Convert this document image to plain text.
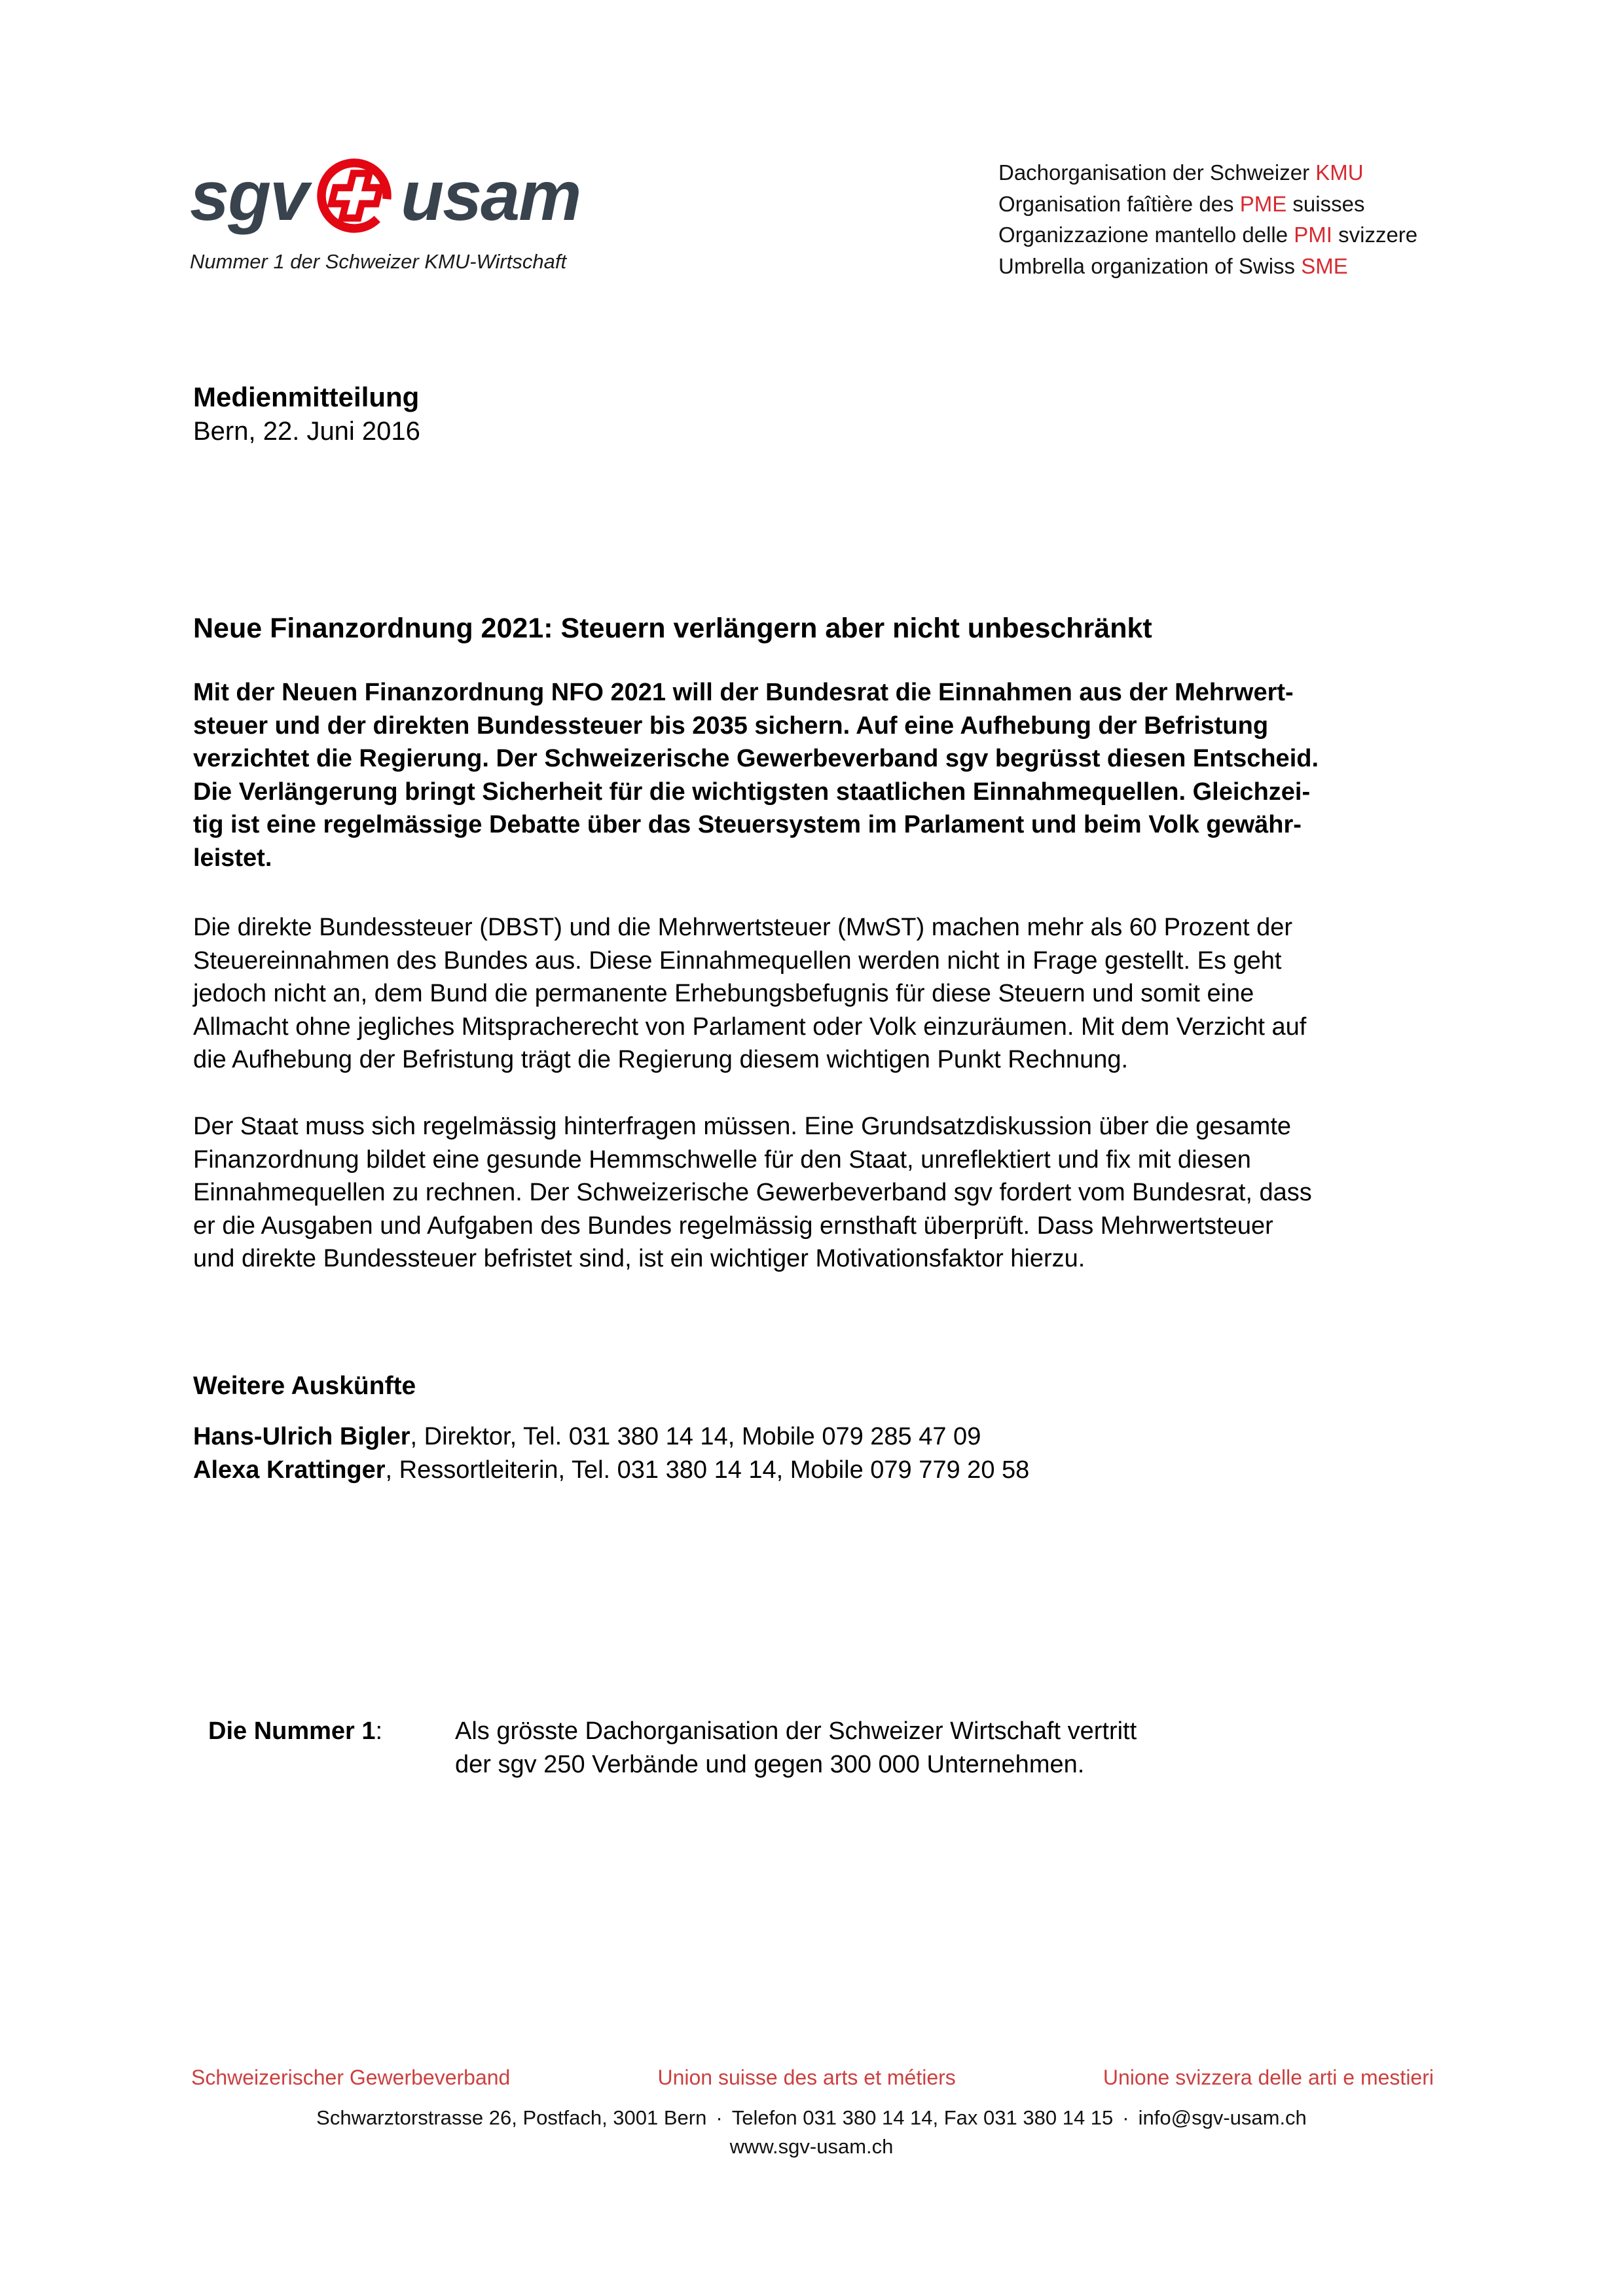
sgv usam
Nummer 1 der Schweizer KMU-Wirtschaft
Dachorganisation der Schweizer KMU
Organisation faîtière des PME suisses
Organizzazione mantello delle PMI svizzere
Umbrella organization of Swiss SME
Medienmitteilung
Bern, 22. Juni 2016
Neue Finanzordnung 2021: Steuern verlängern aber nicht unbeschränkt
Mit der Neuen Finanzordnung NFO 2021 will der Bundesrat die Einnahmen aus der Mehrwert-
steuer und der direkten Bundessteuer bis 2035 sichern. Auf eine Aufhebung der Befristung
verzichtet die Regierung. Der Schweizerische Gewerbeverband sgv begrüsst diesen Entscheid.
Die Verlängerung bringt Sicherheit für die wichtigsten staatlichen Einnahmequellen. Gleichzei-
tig ist eine regelmässige Debatte über das Steuersystem im Parlament und beim Volk gewähr-
leistet.
Die direkte Bundessteuer (DBST) und die Mehrwertsteuer (MwST) machen mehr als 60 Prozent der
Steuereinnahmen des Bundes aus. Diese Einnahmequellen werden nicht in Frage gestellt. Es geht
jedoch nicht an, dem Bund die permanente Erhebungsbefugnis für diese Steuern und somit eine
Allmacht ohne jegliches Mitspracherecht von Parlament oder Volk einzuräumen. Mit dem Verzicht auf
die Aufhebung der Befristung trägt die Regierung diesem wichtigen Punkt Rechnung.
Der Staat muss sich regelmässig hinterfragen müssen. Eine Grundsatzdiskussion über die gesamte
Finanzordnung bildet eine gesunde Hemmschwelle für den Staat, unreflektiert und fix mit diesen
Einnahmequellen zu rechnen. Der Schweizerische Gewerbeverband sgv fordert vom Bundesrat, dass
er die Ausgaben und Aufgaben des Bundes regelmässig ernsthaft überprüft. Dass Mehrwertsteuer
und direkte Bundessteuer befristet sind, ist ein wichtiger Motivationsfaktor hierzu.
Weitere Auskünfte
Hans-Ulrich Bigler, Direktor, Tel. 031 380 14 14, Mobile 079 285 47 09
Alexa Krattinger, Ressortleiterin, Tel. 031 380 14 14, Mobile 079 779 20 58
Die Nummer 1:	Als grösste Dachorganisation der Schweizer Wirtschaft vertritt
der sgv 250 Verbände und gegen 300 000 Unternehmen.
Schweizerischer Gewerbeverband	Union suisse des arts et métiers	Unione svizzera delle arti e mestieri
Schwarztorstrasse 26, Postfach, 3001 Bern · Telefon 031 380 14 14, Fax 031 380 14 15 · info@sgv-usam.ch
www.sgv-usam.ch
